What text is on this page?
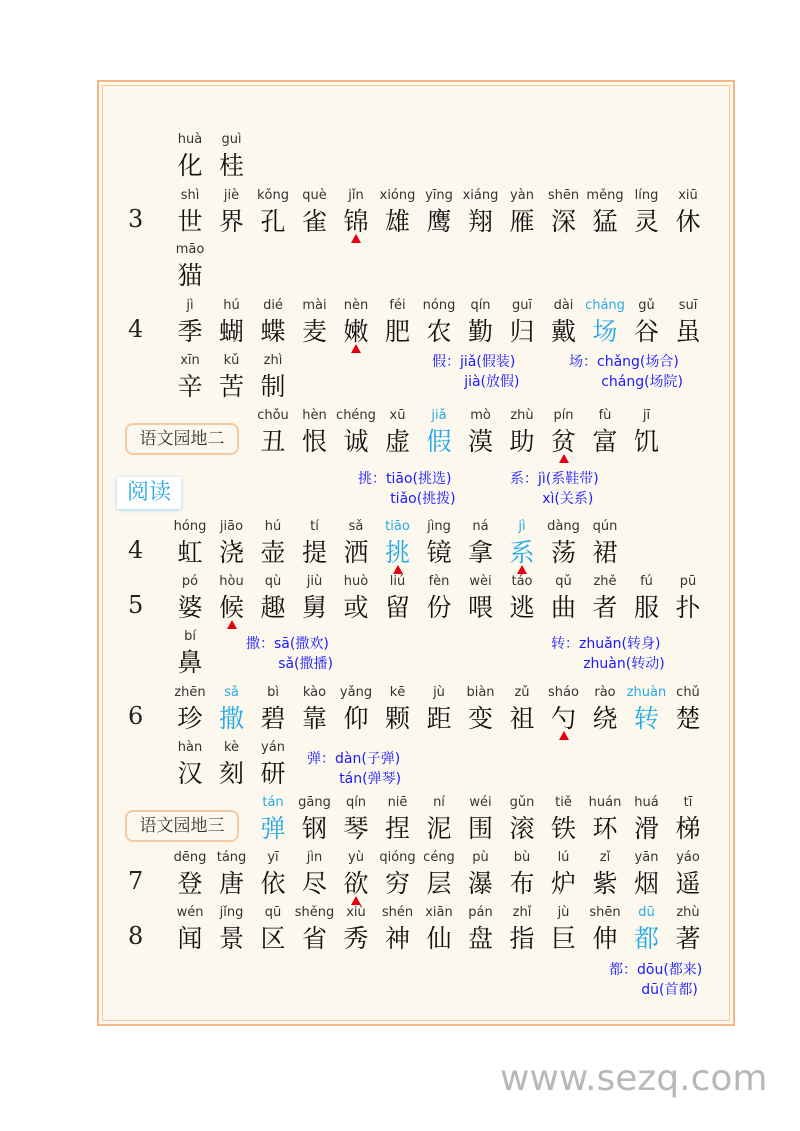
huà
化
guì
桂
3
shì
世
jiè
界
kǒng
孔
què
雀
jǐn
锦
xióng
雄
yīng
鹰
xiáng
翔
yàn
雁
shēn
深
měng
猛
líng
灵
xiū
休
māo
猫
4
jì
季
hú
蝴
dié
蝶
mài
麦
nèn
嫩
féi
肥
nóng
农
qín
勤
guī
归
dài
戴
cháng
场
gǔ
谷
suī
虽
xīn
辛
kǔ
苦
zhì
制
语文园地二
chǒu
丑
hèn
恨
chéng
诚
xū
虚
jiǎ
假
mò
漠
zhù
助
pín
贫
fù
富
jī
饥
4
hóng
虹
jiāo
浇
hú
壶
tí
提
sǎ
洒
tiāo
挑
jìng
镜
ná
拿
jì
系
dàng
荡
qún
裙
5
pó
婆
hòu
候
qù
趣
jiù
舅
huò
或
liú
留
fèn
份
wèi
喂
táo
逃
qǔ
曲
zhě
者
fú
服
pū
扑
bí
鼻
6
zhēn
珍
sǎ
撒
bì
碧
kào
靠
yǎng
仰
kē
颗
jù
距
biàn
变
zǔ
祖
sháo
勺
rào
绕
zhuàn
转
chǔ
楚
hàn
汉
kè
刻
yán
研
语文园地三
tán
弹
gāng
钢
qín
琴
niē
捏
ní
泥
wéi
围
gǔn
滚
tiě
铁
huán
环
huá
滑
tī
梯
7
dēng
登
táng
唐
yī
依
jìn
尽
yù
欲
qióng
穷
céng
层
pù
瀑
bù
布
lú
炉
zǐ
紫
yān
烟
yáo
遥
8
wén
闻
jǐng
景
qū
区
shěng
省
xiù
秀
shén
神
xiān
仙
pán
盘
zhǐ
指
jù
巨
shēn
伸
dū
都
zhù
著
假：jiǎ(假装)
jià(放假)
场：chǎng(场合)
cháng(场院)
挑：tiāo(挑选)
tiǎo(挑拨)
系：jì(系鞋带)
xì(关系)
撒：sā(撒欢)
sǎ(撒播)
转：zhuǎn(转身)
zhuàn(转动)
弹：dàn(子弹)
tán(弹琴)
都：dōu(都来)
dū(首都)
阅读
www.sezq.com
